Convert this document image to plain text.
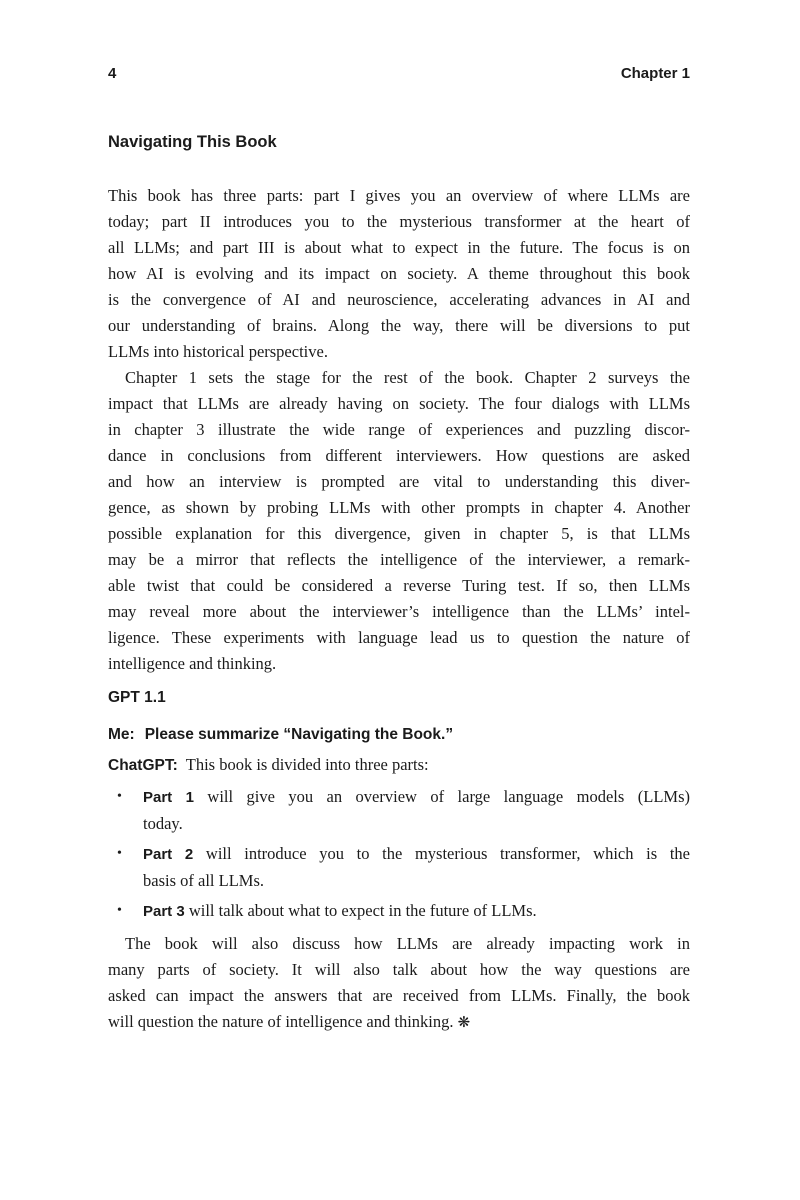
4	Chapter 1
Navigating This Book
This book has three parts: part I gives you an overview of where LLMs are
today; part II introduces you to the mysterious transformer at the heart of
all LLMs; and part III is about what to expect in the future. The focus is on
how AI is evolving and its impact on society. A theme throughout this book
is the convergence of AI and neuroscience, accelerating advances in AI and
our understanding of brains. Along the way, there will be diversions to put
LLMs into historical perspective.
Chapter 1 sets the stage for the rest of the book. Chapter 2 surveys the
impact that LLMs are already having on society. The four dialogs with LLMs
in chapter 3 illustrate the wide range of experiences and puzzling discor-
dance in conclusions from different interviewers. How questions are asked
and how an interview is prompted are vital to understanding this diver-
gence, as shown by probing LLMs with other prompts in chapter 4. Another
possible explanation for this divergence, given in chapter 5, is that LLMs
may be a mirror that reflects the intelligence of the interviewer, a remark-
able twist that could be considered a reverse Turing test. If so, then LLMs
may reveal more about the interviewer’s intelligence than the LLMs’ intel-
ligence. These experiments with language lead us to question the nature of
intelligence and thinking.
GPT 1.1
Me: Please summarize “Navigating the Book.”
ChatGPT: This book is divided into three parts:
• Part 1 will give you an overview of large language models (LLMs)
today.
• Part 2 will introduce you to the mysterious transformer, which is the
basis of all LLMs.
• Part 3 will talk about what to expect in the future of LLMs.
The book will also discuss how LLMs are already impacting work in
many parts of society. It will also talk about how the way questions are
asked can impact the answers that are received from LLMs. Finally, the book
will question the nature of intelligence and thinking. ❋
